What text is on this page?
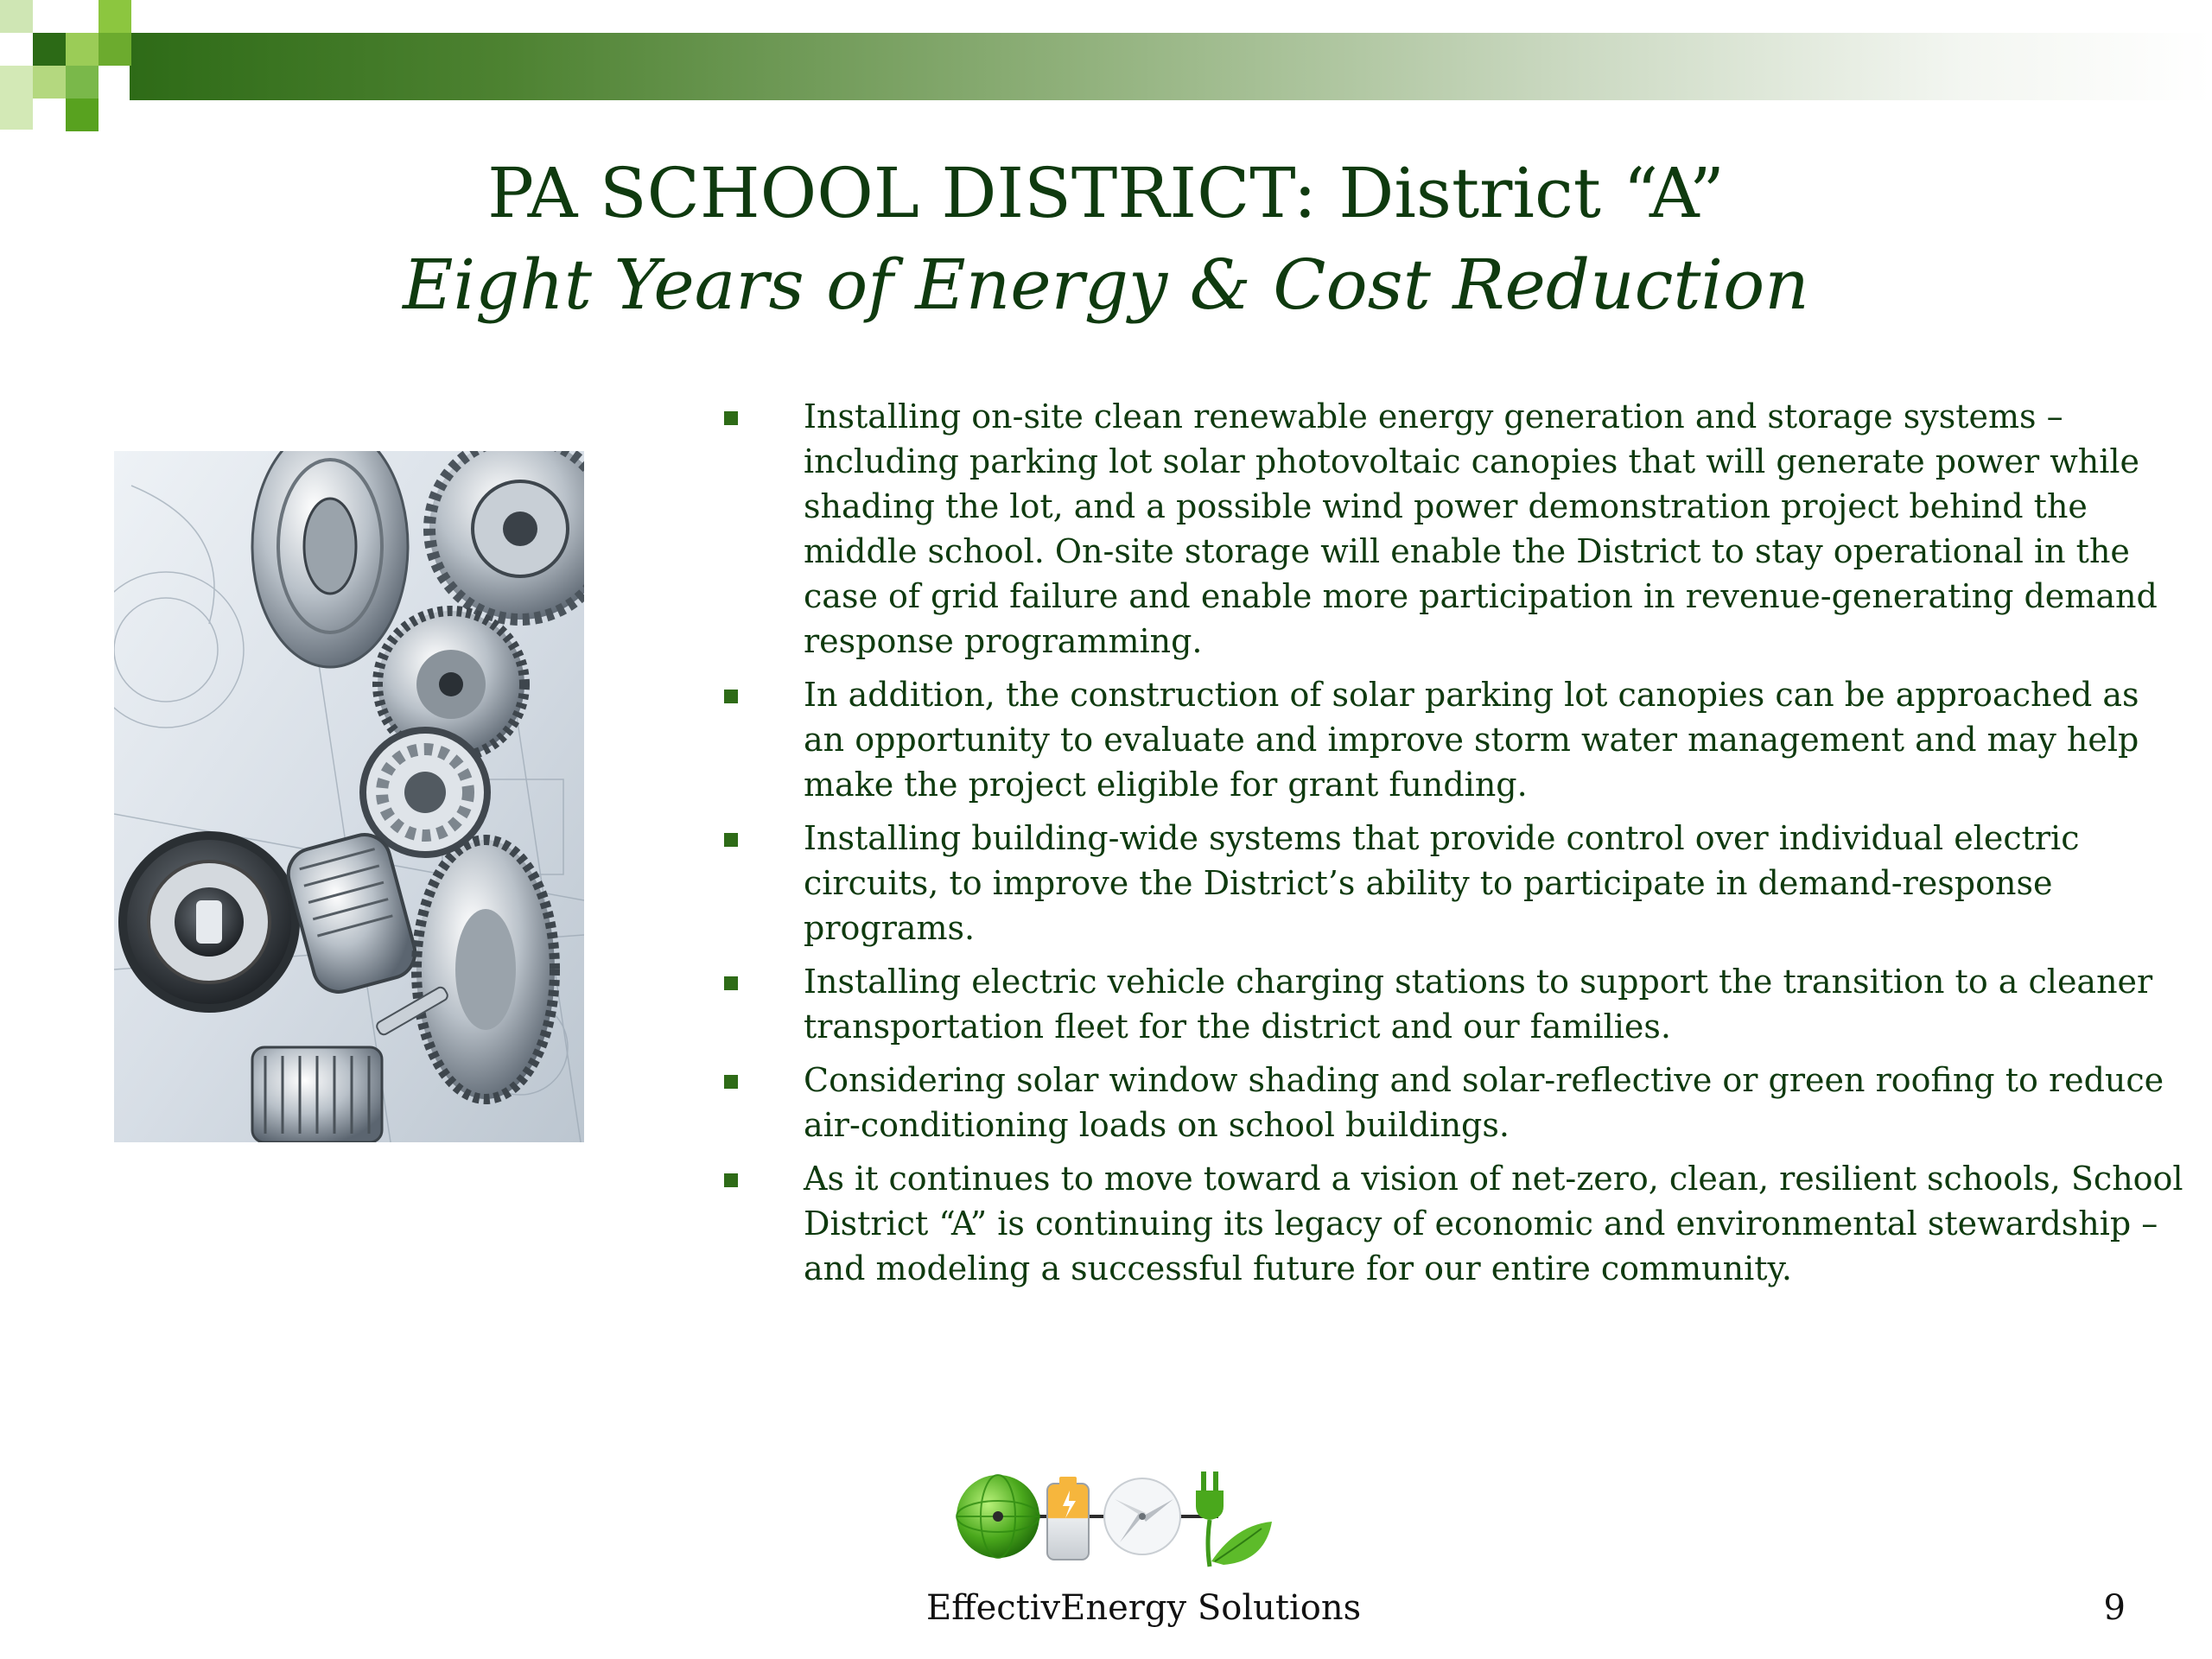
PA SCHOOL DISTRICT: District “A”
Eight Years of Energy & Cost Reduction
Installing on-site clean renewable energy generation and storage systems – including parking lot solar photovoltaic canopies that will generate power while shading the lot, and a possible wind power demonstration project behind the middle school. On-site storage will enable the District to stay operational in the case of grid failure and enable more participation in revenue-generating demand response programming.
In addition, the construction of solar parking lot canopies can be approached as an opportunity to evaluate and improve storm water management and may help make the project eligible for grant funding.
Installing building-wide systems that provide control over individual electric circuits, to improve the District’s ability to participate in demand-response programs.
Installing electric vehicle charging stations to support the transition to a cleaner transportation fleet for the district and our families.
Considering solar window shading and solar-reflective or green roofing to reduce air-conditioning loads on school buildings.
As it continues to move toward a vision of net-zero, clean, resilient schools, School District “A” is continuing its legacy of economic and environmental stewardship – and modeling a successful future for our entire community.
EffectivEnergy Solutions	9
